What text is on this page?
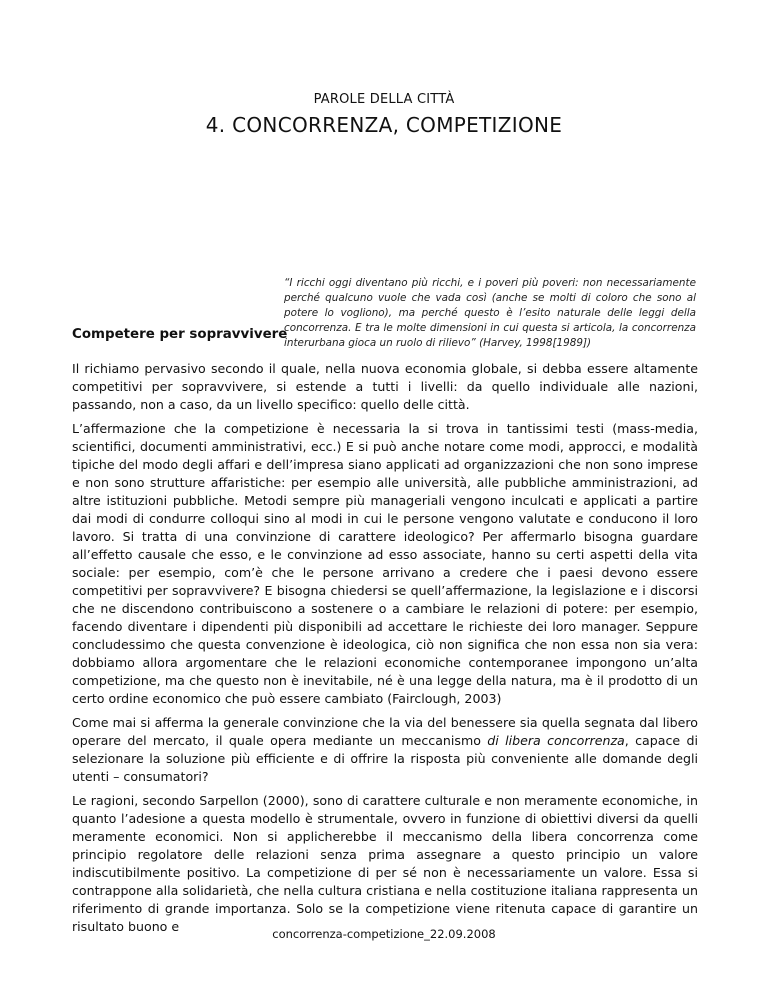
PAROLE DELLA CITTÀ
4. CONCORRENZA, COMPETIZIONE
“I ricchi oggi diventano più ricchi, e i poveri più poveri: non necessariamente perché qualcuno vuole che vada così (anche se molti di coloro che sono al potere lo vogliono), ma perché questo è l’esito naturale delle leggi della concorrenza. E tra le molte dimensioni in cui questa si articola, la concorrenza interurbana gioca un ruolo di rilievo” (Harvey, 1998[1989])
Competere per sopravvivere

Il richiamo pervasivo secondo il quale, nella nuova economia globale, si debba essere altamente competitivi per sopravvivere, si estende a tutti i livelli: da quello individuale alle nazioni, passando, non a caso, da un livello specifico: quello delle città.

L’affermazione che la competizione è necessaria la si trova in tantissimi testi (mass-media, scientifici, documenti amministrativi, ecc.) E si può anche notare come modi, approcci, e modalità tipiche del modo degli affari e dell’impresa siano applicati ad organizzazioni che non sono imprese e non sono strutture affaristiche: per esempio alle università, alle pubbliche amministrazioni, ad altre istituzioni pubbliche. Metodi sempre più manageriali vengono inculcati e applicati a partire dai modi di condurre colloqui sino al modi in cui le persone vengono valutate e conducono il loro lavoro. Si tratta di una convinzione di carattere ideologico? Per affermarlo bisogna guardare all’effetto causale che esso, e le convinzione ad esso associate, hanno su certi aspetti della vita sociale: per esempio, com’è che le persone arrivano a credere che i paesi devono essere competitivi per sopravvivere? E bisogna chiedersi se quell’affermazione, la legislazione e i discorsi che ne discendono contribuiscono a sostenere o a cambiare le relazioni di potere: per esempio, facendo diventare i dipendenti più disponibili ad accettare le richieste dei loro manager. Seppure concludessimo che questa convenzione è ideologica, ciò non significa che non essa non sia vera: dobbiamo allora argomentare che le relazioni economiche contemporanee impongono un’alta competizione, ma che questo non è inevitabile, né è una legge della natura, ma è il prodotto di un certo ordine economico che può essere cambiato (Fairclough, 2003)

Come mai si afferma la generale convinzione che la via del benessere sia quella segnata dal libero operare del mercato, il quale opera mediante un meccanismo di libera concorrenza, capace di selezionare la soluzione più efficiente e di offrire la risposta più conveniente alle domande degli utenti – consumatori?

Le ragioni, secondo Sarpellon (2000), sono di carattere culturale e non meramente economiche, in quanto l’adesione a questa modello è strumentale, ovvero in funzione di obiettivi diversi da quelli meramente economici. Non si applicherebbe il meccanismo della libera concorrenza come principio regolatore delle relazioni senza prima assegnare a questo principio un valore indiscutibilmente positivo. La competizione di per sé non è necessariamente un valore. Essa si contrappone alla solidarietà, che nella cultura cristiana e nella costituzione italiana rappresenta un riferimento di grande importanza. Solo se la competizione viene ritenuta capace di garantire un risultato buono e	concorrenza-competizione_22.09.2008
